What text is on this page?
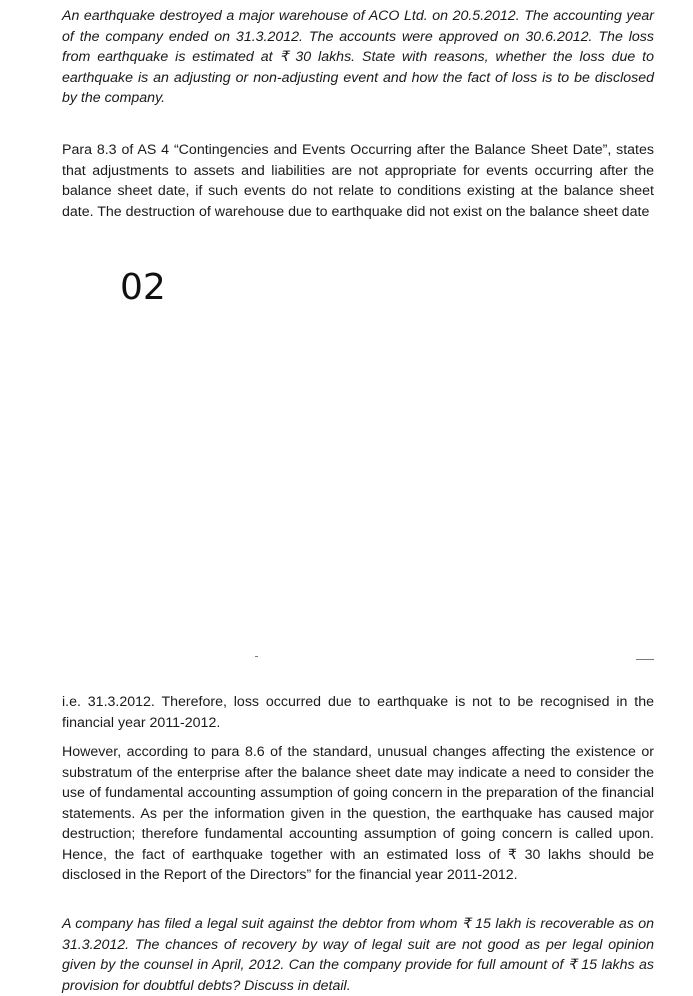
An earthquake destroyed a major warehouse of ACO Ltd. on 20.5.2012. The accounting year of the company ended on 31.3.2012. The accounts were approved on 30.6.2012. The loss from earthquake is estimated at ₹ 30 lakhs. State with reasons, whether the loss due to earthquake is an adjusting or non-adjusting event and how the fact of loss is to be disclosed by the company.

Para 8.3 of AS 4 “Contingencies and Events Occurring after the Balance Sheet Date”, states that adjustments to assets and liabilities are not appropriate for events occurring after the balance sheet date, if such events do not relate to conditions existing at the balance sheet date. The destruction of warehouse due to earthquake did not exist on the balance sheet date

02

i.e. 31.3.2012. Therefore, loss occurred due to earthquake is not to be recognised in the financial year 2011-2012.

However, according to para 8.6 of the standard, unusual changes affecting the existence or substratum of the enterprise after the balance sheet date may indicate a need to consider the use of fundamental accounting assumption of going concern in the preparation of the financial statements. As per the information given in the question, the earthquake has caused major destruction; therefore fundamental accounting assumption of going concern is called upon. Hence, the fact of earthquake together with an estimated loss of ₹ 30 lakhs should be disclosed in the Report of the Directors” for the financial year 2011-2012.

A company has filed a legal suit against the debtor from whom ₹ 15 lakh is recoverable as on 31.3.2012. The chances of recovery by way of legal suit are not good as per legal opinion given by the counsel in April, 2012. Can the company provide for full amount of ₹ 15 lakhs as provision for doubtful debts? Discuss in detail.
